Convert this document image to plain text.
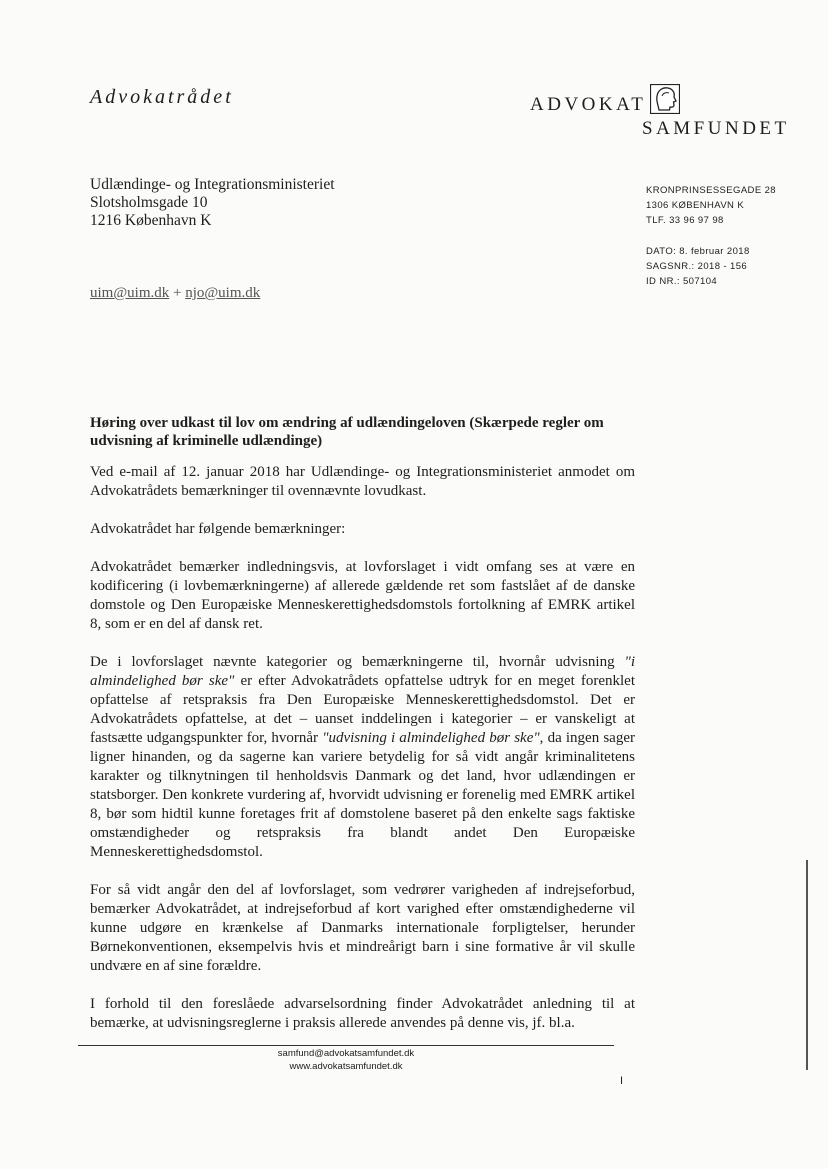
Advokatrådet	ADVOKAT
SAMFUNDET
Udlændinge- og Integrationsministeriet
Slotsholmsgade 10
1216 København K
KRONPRINSESSEGADE 28
1306 KØBENHAVN K
TLF. 33 96 97 98
DATO: 8. februar 2018
SAGSNR.: 2018 - 156
ID NR.: 507104
uim@uim.dk + njo@uim.dk
Høring over udkast til lov om ændring af udlændingeloven (Skærpede regler om udvisning af kriminelle udlændinge)

Ved e-mail af 12. januar 2018 har Udlændinge- og Integrationsministeriet anmodet om Advokatrådets bemærkninger til ovennævnte lovudkast.

Advokatrådet har følgende bemærkninger:

Advokatrådet bemærker indledningsvis, at lovforslaget i vidt omfang ses at være en kodificering (i lovbemærkningerne) af allerede gældende ret som fastslået af de danske domstole og Den Europæiske Menneskerettighedsdomstols fortolkning af EMRK artikel 8, som er en del af dansk ret.

De i lovforslaget nævnte kategorier og bemærkningerne til, hvornår udvisning "i almindelighed bør ske" er efter Advokatrådets opfattelse udtryk for en meget forenklet opfattelse af retspraksis fra Den Europæiske Menneskerettighedsdomstol. Det er Advokatrådets opfattelse, at det – uanset inddelingen i kategorier – er vanskeligt at fastsætte udgangspunkter for, hvornår "udvisning i almindelighed bør ske", da ingen sager ligner hinanden, og da sagerne kan variere betydelig for så vidt angår kriminalitetens karakter og tilknytningen til henholdsvis Danmark og det land, hvor udlændingen er statsborger. Den konkrete vurdering af, hvorvidt udvisning er forenelig med EMRK artikel 8, bør som hidtil kunne foretages frit af domstolene baseret på den enkelte sags faktiske omstændigheder og retspraksis fra blandt andet Den Europæiske Menneskerettighedsdomstol.

For så vidt angår den del af lovforslaget, som vedrører varigheden af indrejseforbud, bemærker Advokatrådet, at indrejseforbud af kort varighed efter omstændighederne vil kunne udgøre en krænkelse af Danmarks internationale forpligtelser, herunder Børnekonventionen, eksempelvis hvis et mindreårigt barn i sine formative år vil skulle undvære en af sine forældre.

I forhold til den foreslåede advarselsordning finder Advokatrådet anledning til at bemærke, at udvisningsreglerne i praksis allerede anvendes på denne vis, jf. bl.a.

samfund@advokatsamfundet.dk
www.advokatsamfundet.dk
I
